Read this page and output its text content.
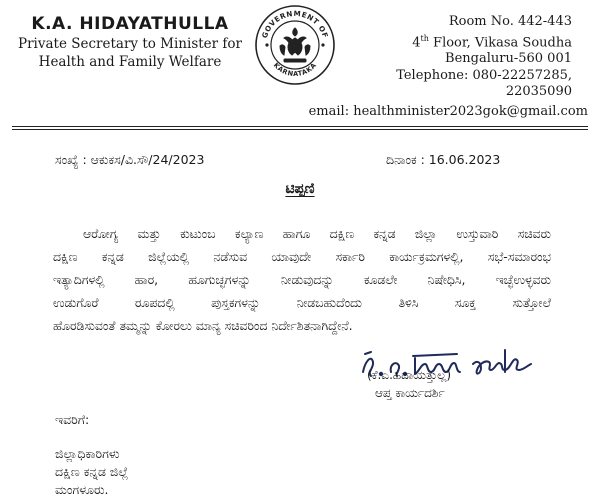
K.A. HIDAYATHULLA
Private Secretary to Minister for
Health and Family Welfare
GOVERNMENT OF
KARNATAKA
Room No. 442-443
4th Floor, Vikasa Soudha
Bengaluru-560 001
Telephone: 080-22257285,
22035090
email: healthminister2023gok@gmail.com
ಸಂಖ್ಯೆ : ಆಕುಕಸ/ವಿ.ಸೌ/24/2023	ದಿನಾಂಕ : 16.06.2023
ಟಿಪ್ಪಣಿ
ಆರೋಗ್ಯ ಮತ್ತು ಕುಟುಂಬ ಕಲ್ಯಾಣ ಹಾಗೂ ದಕ್ಷಿಣ ಕನ್ನಡ ಜಿಲ್ಲಾ ಉಸ್ತುವಾರಿ ಸಚಿವರು
ದಕ್ಷಿಣ ಕನ್ನಡ ಜಿಲ್ಲೆಯಲ್ಲಿ ನಡೆಸುವ ಯಾವುದೇ ಸರ್ಕಾರಿ ಕಾರ್ಯಕ್ರಮಗಳಲ್ಲಿ, ಸಭೆ-ಸಮಾರಂಭ
ಇತ್ಯಾದಿಗಳಲ್ಲಿ ಹಾರ, ಹೂಗುಚ್ಛಗಳನ್ನು ನೀಡುವುದನ್ನು ಕೂಡಲೇ ನಿಷೇಧಿಸಿ, ಇಚ್ಛೆಉಳ್ಳವರು
ಉಡುಗೊರೆ ರೂಪದಲ್ಲಿ ಪುಸ್ತಕಗಳನ್ನು ನೀಡಬಹುದೆಂದು ತಿಳಿಸಿ ಸೂಕ್ತ ಸುತ್ತೋಲೆ
ಹೊರಡಿಸುವಂತೆ ತಮ್ಮನ್ನು ಕೋರಲು ಮಾನ್ಯ ಸಚಿವರಿಂದ ನಿರ್ದೇಶಿತನಾಗಿದ್ದೇನೆ.
(ಕೆ.ಎ.ಹಿದಾಯತ್ತುಲ್ಲ)
ಆಪ್ತ ಕಾರ್ಯದರ್ಶಿ
ಇವರಿಗೆ:
ಜಿಲ್ಲಾಧಿಕಾರಿಗಳು
ದಕ್ಷಿಣ ಕನ್ನಡ ಜಿಲ್ಲೆ
ಮಂಗಳೂರು.
